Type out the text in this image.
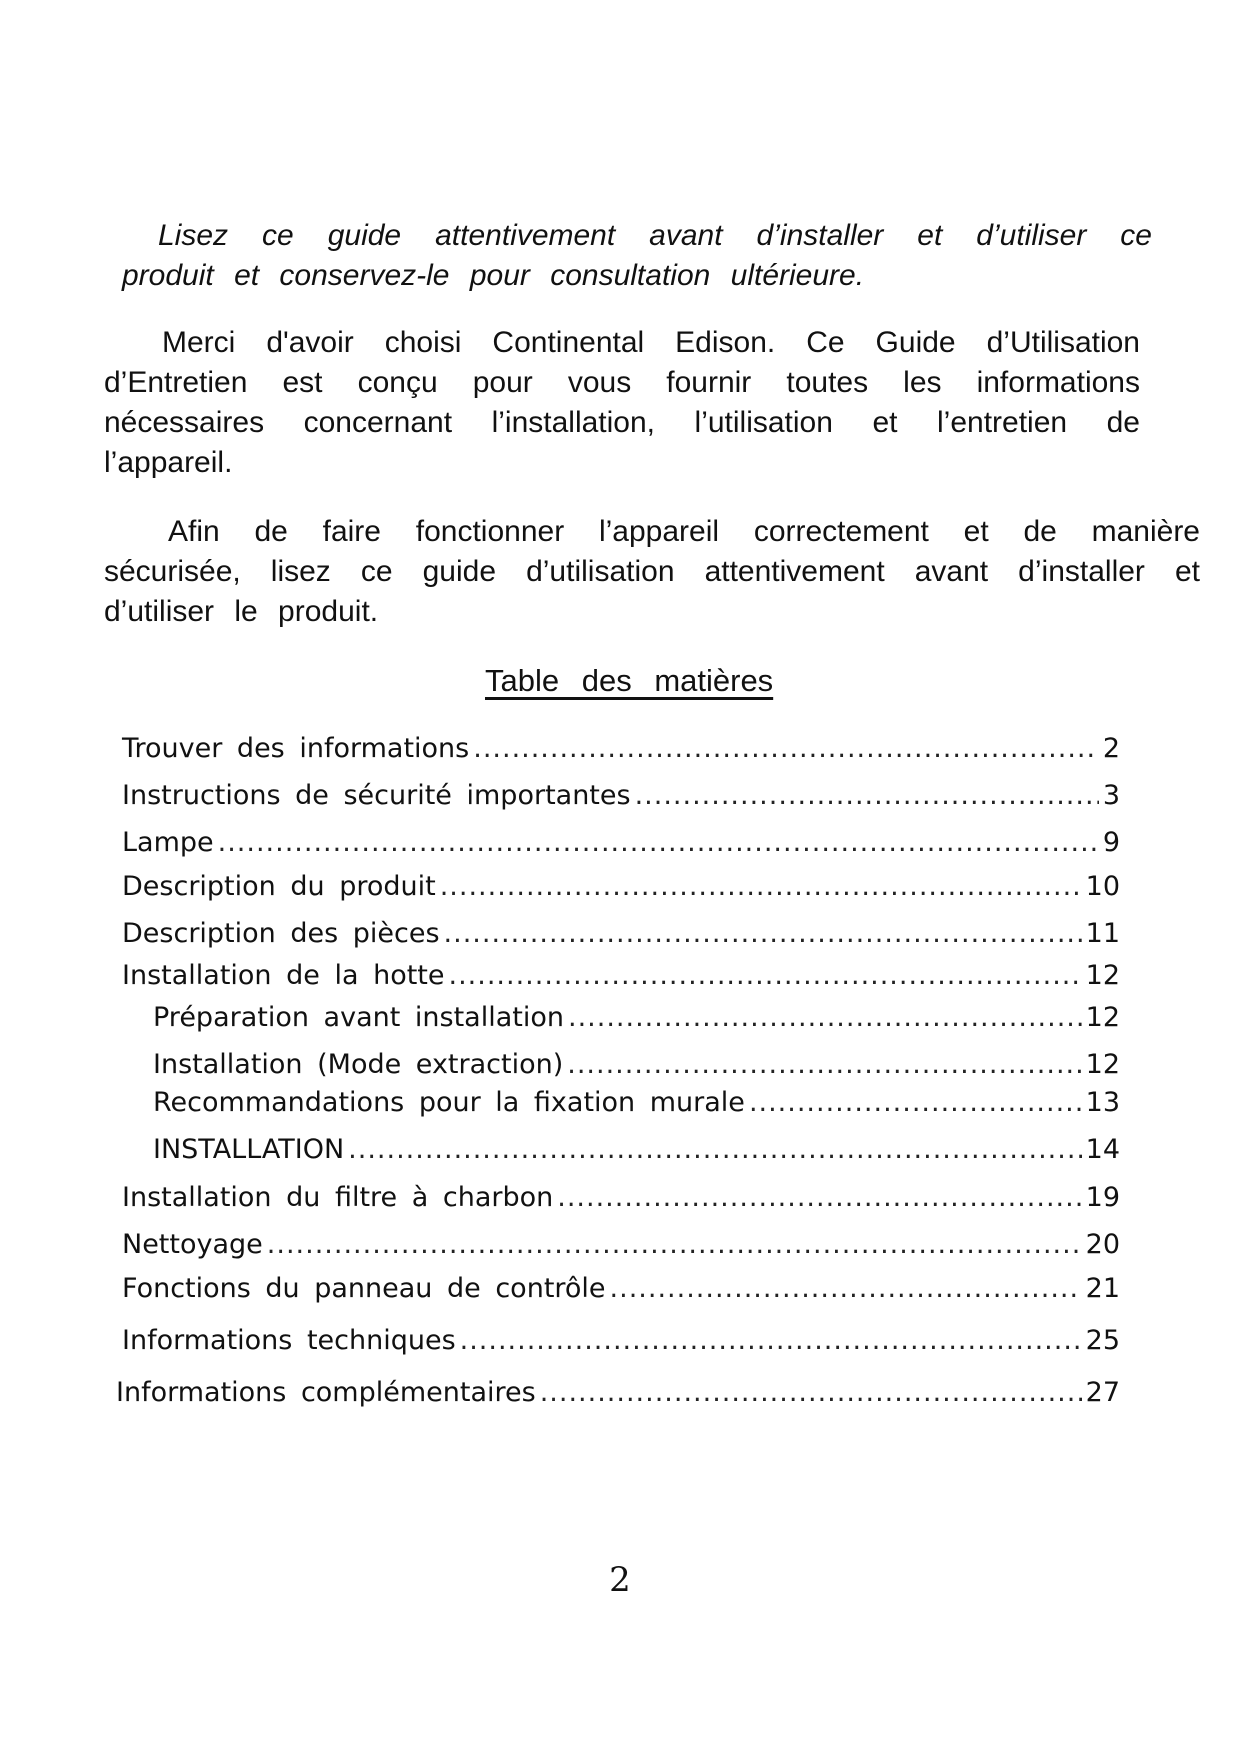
Lisez ce guide attentivement avant d’installer et d’utiliser ce produit et conservez-le pour consultation ultérieure.
Merci d'avoir choisi Continental Edison. Ce Guide d’Utilisation d’Entretien est conçu pour vous fournir toutes les informations nécessaires concernant l’installation, l’utilisation et l’entretien de l’appareil.
Afin de faire fonctionner l’appareil correctement et de manière sécurisée, lisez ce guide d’utilisation attentivement avant d’installer et d’utiliser le produit.
Table des matières
Trouver des informations .....	2
Instructions de sécurité importantes .....	3
Lampe .....	9
Description du produit .....	10
Description des pièces .....	11
Installation de la hotte .....	12
Préparation avant installation .....	12
Installation (Mode extraction) .....	12
Recommandations pour la fixation murale .....	13
INSTALLATION .....	14
Installation du filtre à charbon .....	19
Nettoyage .....	20
Fonctions du panneau de contrôle .....	21
Informations techniques .....	25
Informations complémentaires .....	27
2
